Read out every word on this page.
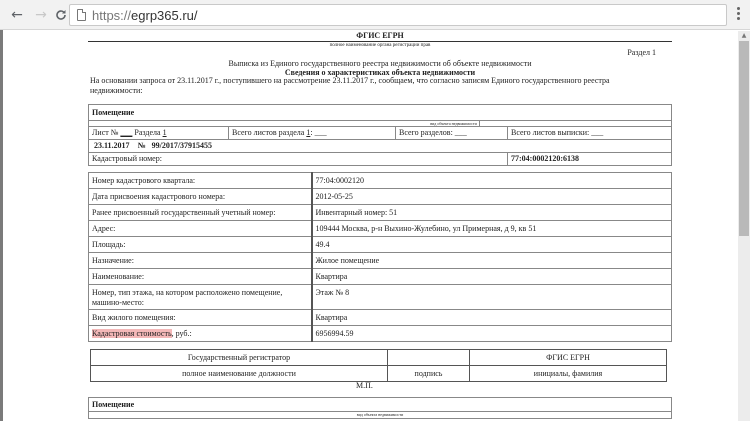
← →	https://egrp365.ru/
▲
ФГИС ЕГРН
полное наименование органа регистрации прав
Раздел 1
Выписка из Единого государственного реестра недвижимости об объекте недвижимости
Сведения о характеристиках объекта недвижимости
На основании запроса от 23.11.2017 г., поступившего на рассмотрение 23.11.2017 г., сообщаем, что согласно записям Единого государственного реестра недвижимости:
Помещение			
вид объекта недвижимости			
Лист № ___ Раздела 1	Всего листов раздела 1: ___	Всего разделов: ___	Всего листов выписки: ___
23.11.2017 № 99/2017/37915455			
Кадастровый номер:			77:04:0002120:6138
Номер кадастрового квартала:	77:04:0002120
Дата присвоения кадастрового номера:	2012-05-25
Ранее присвоенный государственный учетный номер:	Инвентарный номер: 51
Адрес:	109444 Москва, р-н Выхино-Жулебино, ул Примерная, д 9, кв 51
Площадь:	49.4
Назначение:	Жилое помещение
Наименование:	Квартира
Номер, тип этажа, на котором расположено помещение, машино-место:	Этаж № 8
Вид жилого помещения:	Квартира
Кадастровая стоимость, руб.:	6956994.59
Государственный регистратор		ФГИС ЕГРН
полное наименование должности	подпись	инициалы, фамилия
М.П.
Помещение
вид объекта недвижимости
